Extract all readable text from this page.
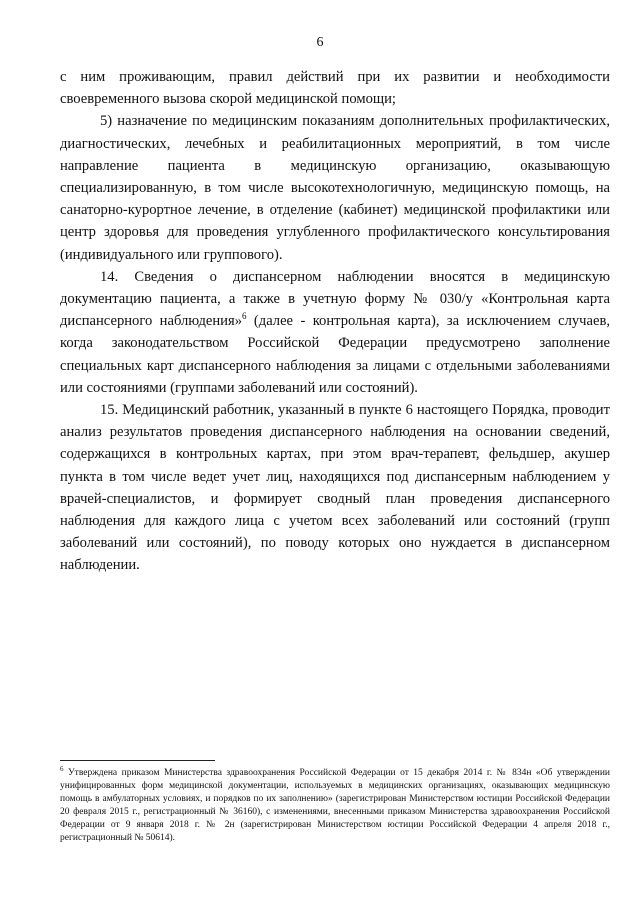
6

с ним проживающим, правил действий при их развитии и необходимости своевременного вызова скорой медицинской помощи;

5) назначение по медицинским показаниям дополнительных профилактических, диагностических, лечебных и реабилитационных мероприятий, в том числе направление пациента в медицинскую организацию, оказывающую специализированную, в том числе высокотехнологичную, медицинскую помощь, на санаторно-курортное лечение, в отделение (кабинет) медицинской профилактики или центр здоровья для проведения углубленного профилактического консультирования (индивидуального или группового).

14. Сведения о диспансерном наблюдении вносятся в медицинскую документацию пациента, а также в учетную форму № 030/у «Контрольная карта диспансерного наблюдения»$^6$ (далее - контрольная карта), за исключением случаев, когда законодательством Российской Федерации предусмотрено заполнение специальных карт диспансерного наблюдения за лицами с отдельными заболеваниями или состояниями (группами заболеваний или состояний).

15. Медицинский работник, указанный в пункте 6 настоящего Порядка, проводит анализ результатов проведения диспансерного наблюдения на основании сведений, содержащихся в контрольных картах, при этом врач-терапевт, фельдшер, акушер пункта в том числе ведет учет лиц, находящихся под диспансерным наблюдением у врачей-специалистов, и формирует сводный план проведения диспансерного наблюдения для каждого лица с учетом всех заболеваний или состояний (групп заболеваний или состояний), по поводу которых оно нуждается в диспансерном наблюдении.

$^6$ Утверждена приказом Министерства здравоохранения Российской Федерации от 15 декабря 2014 г. № 834н «Об утверждении унифицированных форм медицинской документации, используемых в медицинских организациях, оказывающих медицинскую помощь в амбулаторных условиях, и порядков по их заполнению» (зарегистрирован Министерством юстиции Российской Федерации 20 февраля 2015 г., регистрационный № 36160), с изменениями, внесенными приказом Министерства здравоохранения Российской Федерации от 9 января 2018 г. № 2н (зарегистрирован Министерством юстиции Российской Федерации 4 апреля 2018 г., регистрационный № 50614).
